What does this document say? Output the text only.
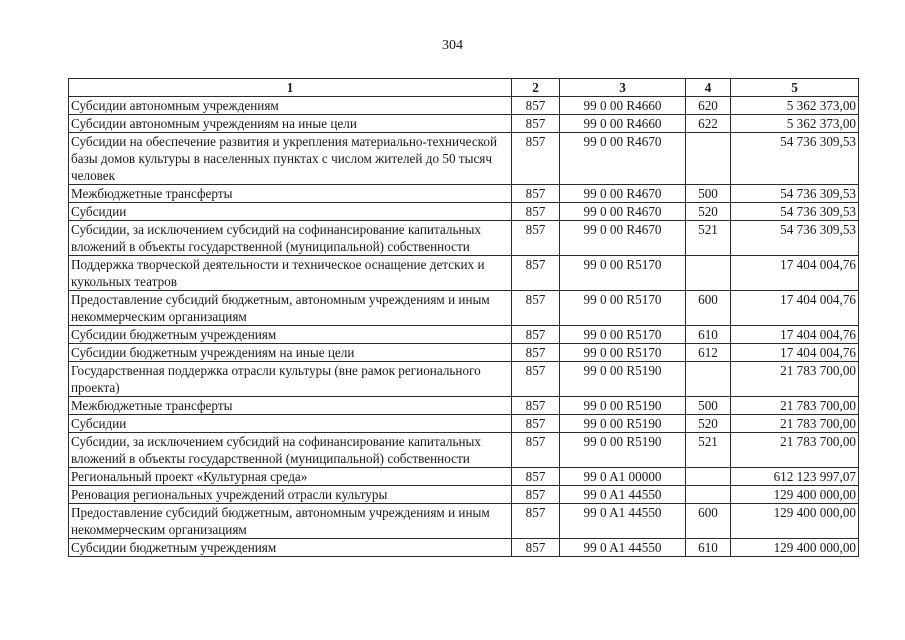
304
1	2	3	4	5
Субсидии автономным учреждениям	857	99 0 00 R4660	620	5 362 373,00
Субсидии автономным учреждениям на иные цели	857	99 0 00 R4660	622	5 362 373,00
Субсидии на обеспечение развития и укрепления материально-технической базы домов культуры в населенных пунктах с числом жителей до 50 тысяч человек	857	99 0 00 R4670		54 736 309,53
Межбюджетные трансферты	857	99 0 00 R4670	500	54 736 309,53
Субсидии	857	99 0 00 R4670	520	54 736 309,53
Субсидии, за исключением субсидий на софинансирование капитальных вложений в объекты государственной (муниципальной) собственности	857	99 0 00 R4670	521	54 736 309,53
Поддержка творческой деятельности и техническое оснащение детских и кукольных театров	857	99 0 00 R5170		17 404 004,76
Предоставление субсидий бюджетным, автономным учреждениям и иным некоммерческим организациям	857	99 0 00 R5170	600	17 404 004,76
Субсидии бюджетным учреждениям	857	99 0 00 R5170	610	17 404 004,76
Субсидии бюджетным учреждениям на иные цели	857	99 0 00 R5170	612	17 404 004,76
Государственная поддержка отрасли культуры (вне рамок регионального проекта)	857	99 0 00 R5190		21 783 700,00
Межбюджетные трансферты	857	99 0 00 R5190	500	21 783 700,00
Субсидии	857	99 0 00 R5190	520	21 783 700,00
Субсидии, за исключением субсидий на софинансирование капитальных вложений в объекты государственной (муниципальной) собственности	857	99 0 00 R5190	521	21 783 700,00
Региональный проект «Культурная среда»	857	99 0 A1 00000		612 123 997,07
Реновация региональных учреждений отрасли культуры	857	99 0 A1 44550		129 400 000,00
Предоставление субсидий бюджетным, автономным учреждениям и иным некоммерческим организациям	857	99 0 A1 44550	600	129 400 000,00
Субсидии бюджетным учреждениям	857	99 0 A1 44550	610	129 400 000,00
